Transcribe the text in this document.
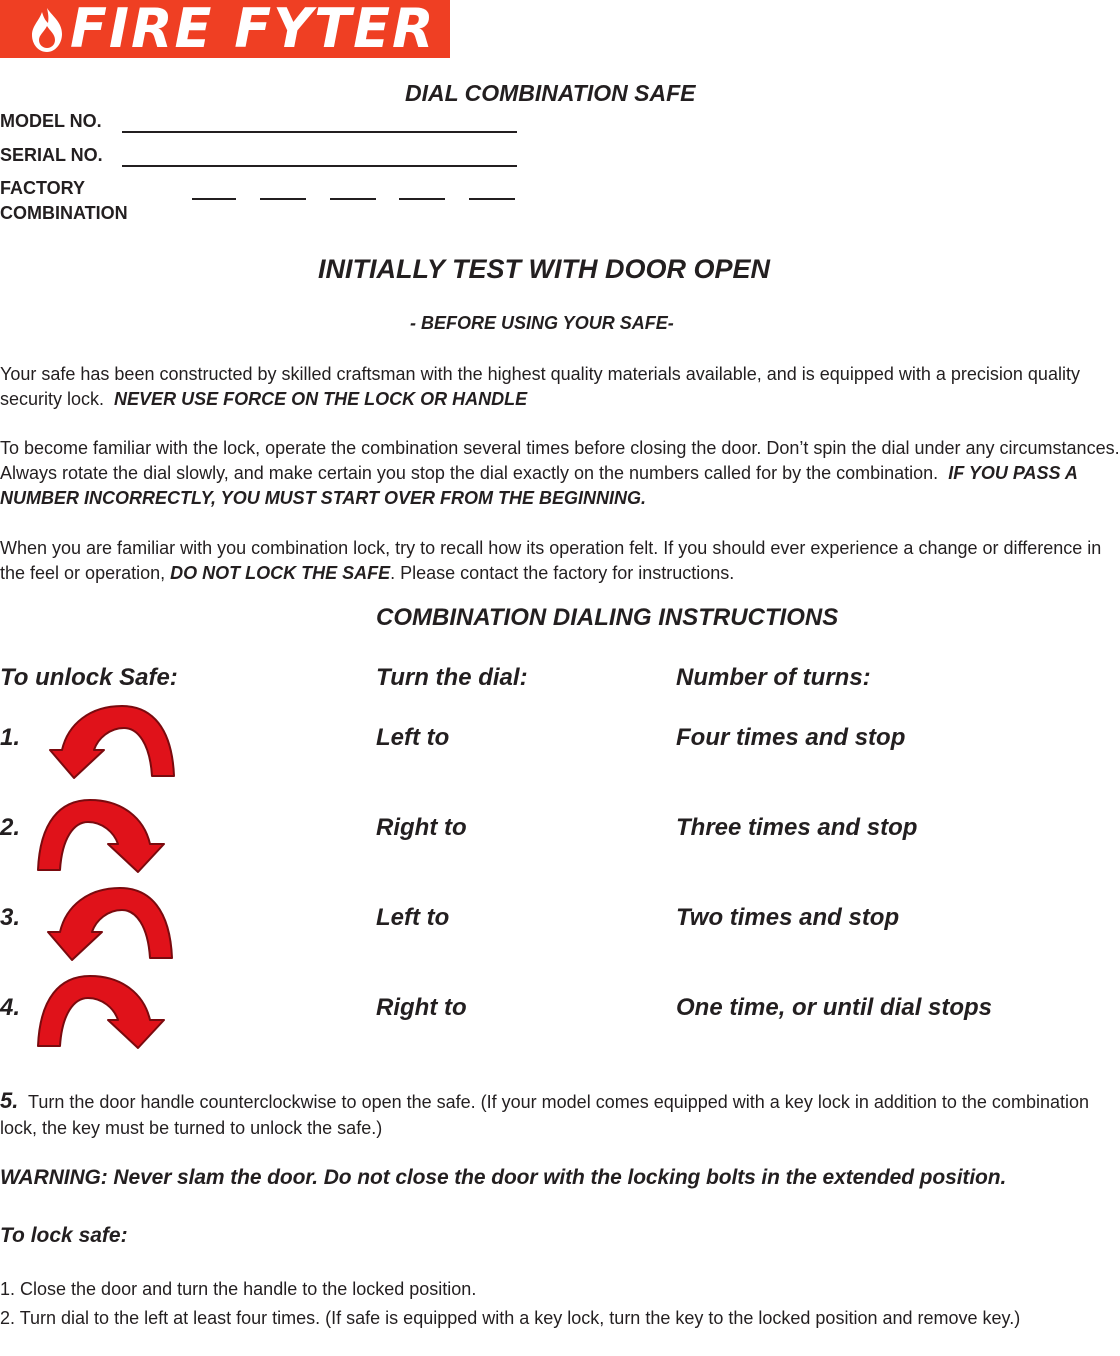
FIRE FYTER
DIAL COMBINATION SAFE
MODEL NO.
SERIAL NO.
FACTORY
COMBINATION
INITIALLY TEST WITH DOOR OPEN
- BEFORE USING YOUR SAFE-
Your safe has been constructed by skilled craftsman with the highest quality materials available, and is equipped with a precision quality security lock. NEVER USE FORCE ON THE LOCK OR HANDLE
To become familiar with the lock, operate the combination several times before closing the door. Don’t spin the dial under any circumstances. Always rotate the dial slowly, and make certain you stop the dial exactly on the numbers called for by the combination. IF YOU PASS A NUMBER INCORRECTLY, YOU MUST START OVER FROM THE BEGINNING.
When you are familiar with you combination lock, try to recall how its operation felt. If you should ever experience a change or difference in the feel or operation, DO NOT LOCK THE SAFE. Please contact the factory for instructions.
COMBINATION DIALING INSTRUCTIONS
To unlock Safe:	Turn the dial:	Number of turns:
1.	Left to	Four times and stop
2.	Right to	Three times and stop
3.	Left to	Two times and stop
4.	Right to	One time, or until dial stops
5. Turn the door handle counterclockwise to open the safe. (If your model comes equipped with a key lock in addition to the combination lock, the key must be turned to unlock the safe.)
WARNING: Never slam the door. Do not close the door with the locking bolts in the extended position.
To lock safe:
1. Close the door and turn the handle to the locked position.
2. Turn dial to the left at least four times. (If safe is equipped with a key lock, turn the key to the locked position and remove key.)
